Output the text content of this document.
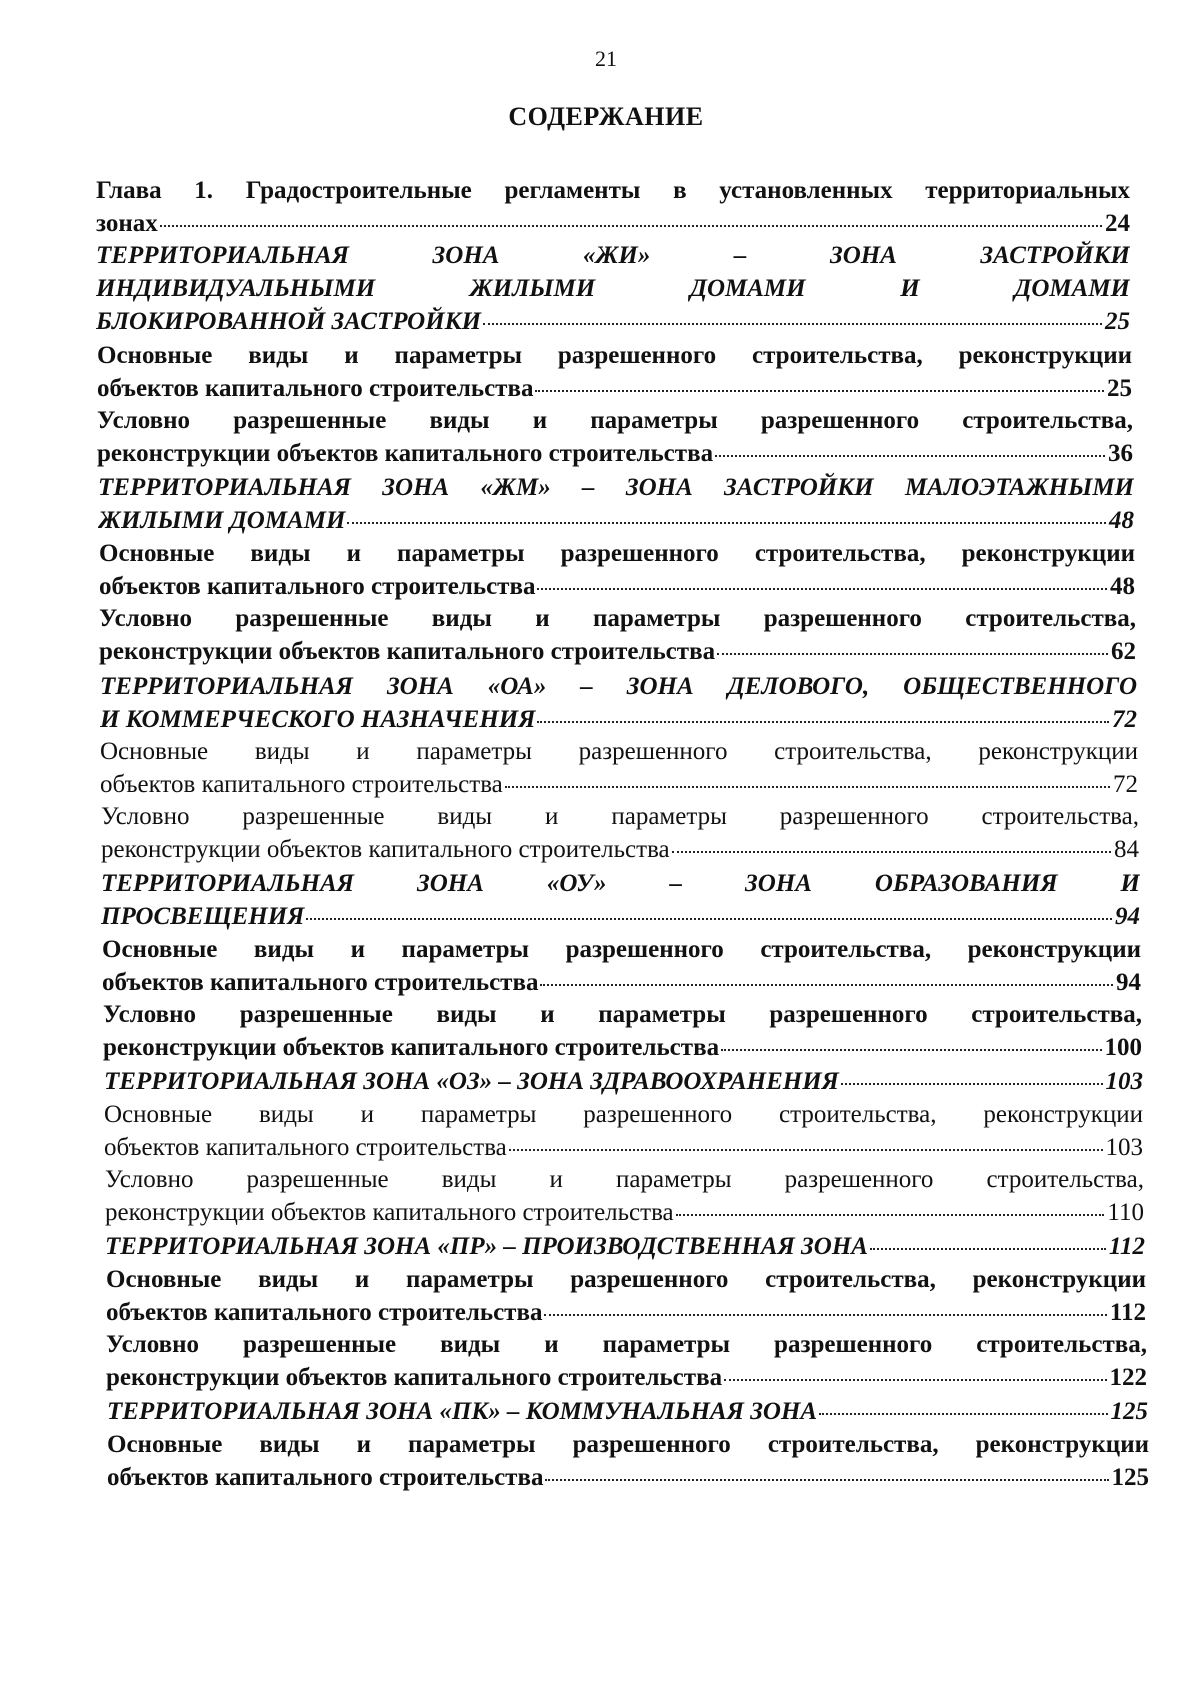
21
СОДЕРЖАНИЕ
Глава 1. Градостроительные регламенты в установленных территориальных
зонах	24
ТЕРРИТОРИАЛЬНАЯ ЗОНА «ЖИ» – ЗОНА ЗАСТРОЙКИ
ИНДИВИДУАЛЬНЫМИ ЖИЛЫМИ ДОМАМИ И ДОМАМИ
БЛОКИРОВАННОЙ ЗАСТРОЙКИ	25
Основные виды и параметры разрешенного строительства, реконструкции
объектов капитального строительства	25
Условно разрешенные виды и параметры разрешенного строительства,
реконструкции объектов капитального строительства	36
ТЕРРИТОРИАЛЬНАЯ ЗОНА «ЖМ» – ЗОНА ЗАСТРОЙКИ МАЛОЭТАЖНЫМИ
ЖИЛЫМИ ДОМАМИ	48
Основные виды и параметры разрешенного строительства, реконструкции
объектов капитального строительства	48
Условно разрешенные виды и параметры разрешенного строительства,
реконструкции объектов капитального строительства	62
ТЕРРИТОРИАЛЬНАЯ ЗОНА «ОА» – ЗОНА ДЕЛОВОГО, ОБЩЕСТВЕННОГО
И КОММЕРЧЕСКОГО НАЗНАЧЕНИЯ	72
Основные виды и параметры разрешенного строительства, реконструкции
объектов капитального строительства	72
Условно разрешенные виды и параметры разрешенного строительства,
реконструкции объектов капитального строительства	84
ТЕРРИТОРИАЛЬНАЯ ЗОНА «ОУ» – ЗОНА ОБРАЗОВАНИЯ И
ПРОСВЕЩЕНИЯ	94
Основные виды и параметры разрешенного строительства, реконструкции
объектов капитального строительства	94
Условно разрешенные виды и параметры разрешенного строительства,
реконструкции объектов капитального строительства	100
ТЕРРИТОРИАЛЬНАЯ ЗОНА «ОЗ» – ЗОНА ЗДРАВООХРАНЕНИЯ	103
Основные виды и параметры разрешенного строительства, реконструкции
объектов капитального строительства	103
Условно разрешенные виды и параметры разрешенного строительства,
реконструкции объектов капитального строительства	110
ТЕРРИТОРИАЛЬНАЯ ЗОНА «ПР» – ПРОИЗВОДСТВЕННАЯ ЗОНА	112
Основные виды и параметры разрешенного строительства, реконструкции
объектов капитального строительства	112
Условно разрешенные виды и параметры разрешенного строительства,
реконструкции объектов капитального строительства	122
ТЕРРИТОРИАЛЬНАЯ ЗОНА «ПК» – КОММУНАЛЬНАЯ ЗОНА	125
Основные виды и параметры разрешенного строительства, реконструкции
объектов капитального строительства	125
